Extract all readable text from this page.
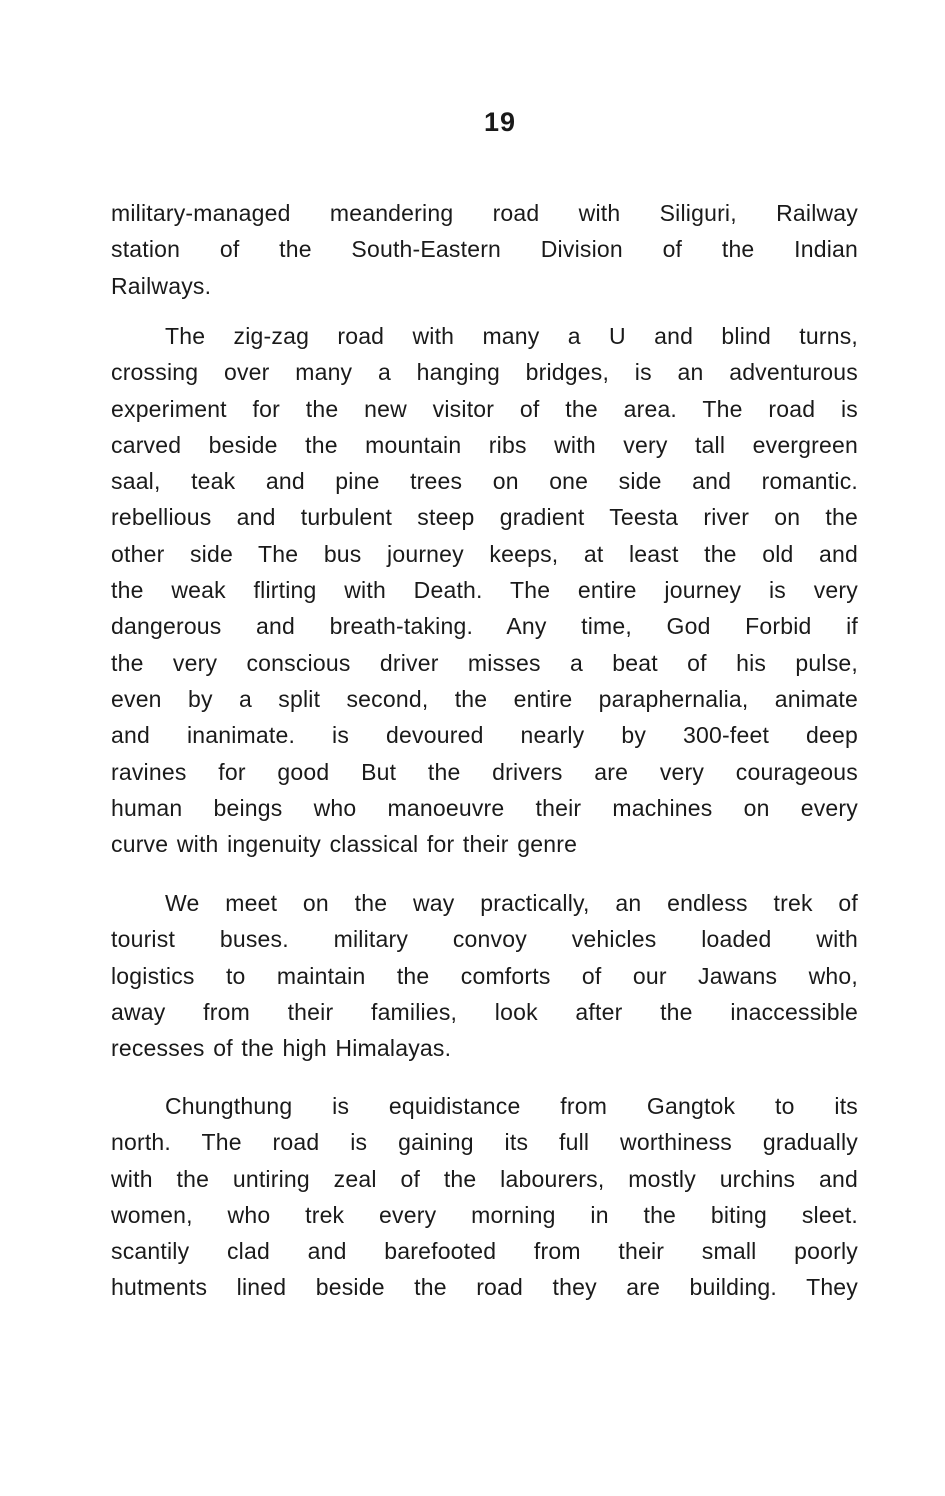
19
military-managed meandering road with Siliguri, Railway
station of the South-Eastern Division of the Indian
Railways.
The zig-zag road with many a U and blind turns,
crossing over many a hanging bridges, is an adventurous
experiment for the new visitor of the area. The road is
carved beside the mountain ribs with very tall evergreen
saal, teak and pine trees on one side and romantic.
rebellious and turbulent steep gradient Teesta river on the
other side The bus journey keeps, at least the old and
the weak flirting with Death. The entire journey is very
dangerous and breath-taking. Any time, God Forbid if
the very conscious driver misses a beat of his pulse,
even by a split second, the entire paraphernalia, animate
and inanimate. is devoured nearly by 300-feet deep
ravines for good But the drivers are very courageous
human beings who manoeuvre their machines on every
curve with ingenuity classical for their genre
We meet on the way practically, an endless trek of
tourist buses. military convoy vehicles loaded with
logistics to maintain the comforts of our Jawans who,
away from their families, look after the inaccessible
recesses of the high Himalayas.
Chungthung is equidistance from Gangtok to its
north. The road is gaining its full worthiness gradually
with the untiring zeal of the labourers, mostly urchins and
women, who trek every morning in the biting sleet.
scantily clad and barefooted from their small poorly
hutments lined beside the road they are building. They
